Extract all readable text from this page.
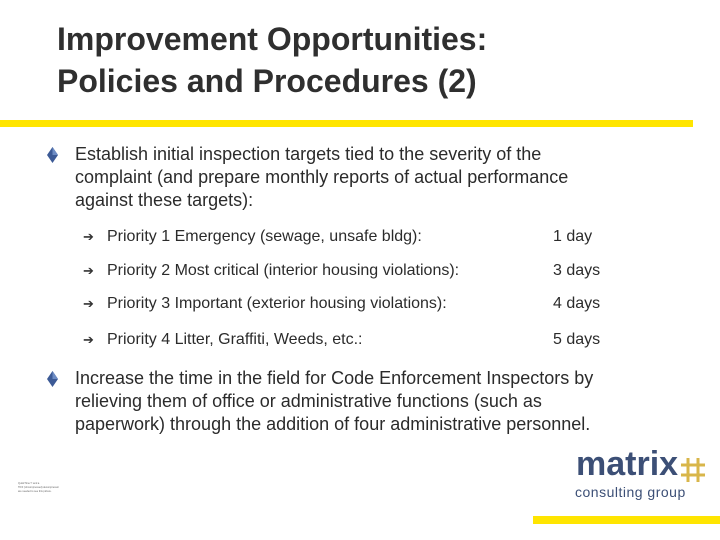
Improvement Opportunities:
Policies and Procedures (2)
Establish initial inspection targets tied to the severity of the
complaint (and prepare monthly reports of actual performance
against these targets):
➔ Priority 1 Emergency (sewage, unsafe bldg):	1 day
➔ Priority 2 Most critical (interior housing violations):	3 days
➔ Priority 3 Important (exterior housing violations):	4 days
➔ Priority 4 Litter, Graffiti, Weeds, etc.:	5 days
Increase the time in the field for Code Enforcement Inspectors by
relieving them of office or administrative functions (such as
paperwork) through the addition of four administrative personnel.
QuickTime™ and a
TIFF (Uncompressed) decompressor
are needed to see this picture.
matrix
consulting group
